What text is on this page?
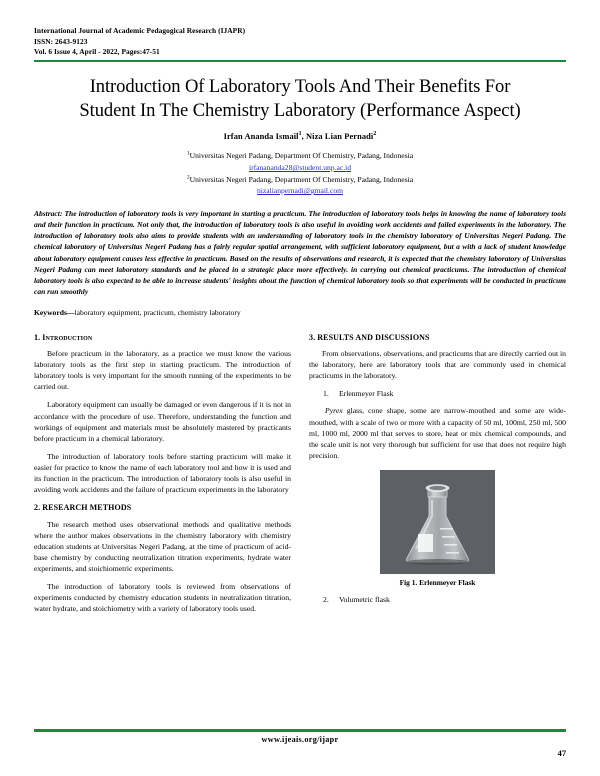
International Journal of Academic Pedagogical Research (IJAPR)
ISSN: 2643-9123
Vol. 6 Issue 4, April - 2022, Pages:47-51
Introduction Of Laboratory Tools And Their Benefits For
Student In The Chemistry Laboratory (Performance Aspect)
Irfan Ananda Ismail$^1$, Niza Lian Pernadi$^2$
$^1$Universitas Negeri Padang, Department Of Chemistry, Padang, Indonesia
irfanananda28@student.unp.ac.id
$^2$Universitas Negeri Padang, Department Of Chemistry, Padang, Indonesia
nizalianpernadi@gmail.com
Abstract: The introduction of laboratory tools is very important in starting a practicum. The introduction of laboratory tools helps in knowing the name of laboratory tools and their function in practicum. Not only that, the introduction of laboratory tools is also useful in avoiding work accidents and failed experiments in the laboratory. The introduction of laboratory tools also aims to provide students with an understanding of laboratory tools in the chemistry laboratory of Universitas Negeri Padang. The chemical laboratory of Universitas Negeri Padang has a fairly regular spatial arrangement, with sufficient laboratory equipment, but a with a lack of student knowledge about laboratory equipment causes less effective in practicum. Based on the results of observations and research, it is expected that the chemistry laboratory of Universitas Negeri Padang can meet laboratory standards and be placed in a strategic place more effectively. in carrying out chemical practicums. The introduction of chemical laboratory tools is also expected to be able to increase students' insights about the function of chemical laboratory tools so that experiments will be conducted in practicum can run smoothly
Keywords—laboratory equipment, practicum, chemistry laboratory
1. Introduction

Before practicum in the laboratory, as a practice we must know the various laboratory tools as the first step in starting practicum. The introduction of laboratory tools is very important for the smooth running of the experiments to be carried out.

Laboratory equipment can usually be damaged or even dangerous if it is not in accordance with the procedure of use. Therefore, understanding the function and workings of equipment and materials must be absolutely mastered by practicants before practicum in a chemical laboratory.

The introduction of laboratory tools before starting practicum will make it easier for practice to know the name of each laboratory tool and how it is used and its function in the practicum. The introduction of laboratory tools is also useful in avoiding work accidents and the failure of practicum experiments in the laboratory

2. RESEARCH METHODS

The research method uses observational methods and qualitative methods where the author makes observations in the chemistry laboratory with chemistry education students at Universitas Negeri Padang, at the time of practicum of acid-base chemistry by conducting neutralization titration experiments, hydrate water experiments, and stoichiometric experiments.

The introduction of laboratory tools is reviewed from observations of experiments conducted by chemistry education students in neutralization titration, water hydrate, and stoichiometry with a variety of laboratory tools used.

3. RESULTS AND DISCUSSIONS

From observations, observations, and practicums that are directly carried out in the laboratory, here are laboratory tools that are commonly used in chemical practicums in the laboratory.

1.	Erlenmeyer Flask

Pyrex glass, cone shape, some are narrow-mouthed and some are wide-mouthed, with a scale of two or more with a capacity of 50 ml, 100ml, 250 ml, 500 ml, 1000 ml, 2000 ml that serves to store, heat or mix chemical compounds, and the scale unit is not very thorough but sufficient for use that does not require high precision.

Fig 1. Erlenmeyer Flask
2.	Volumetric flask
www.ijeais.org/ijapr
47
